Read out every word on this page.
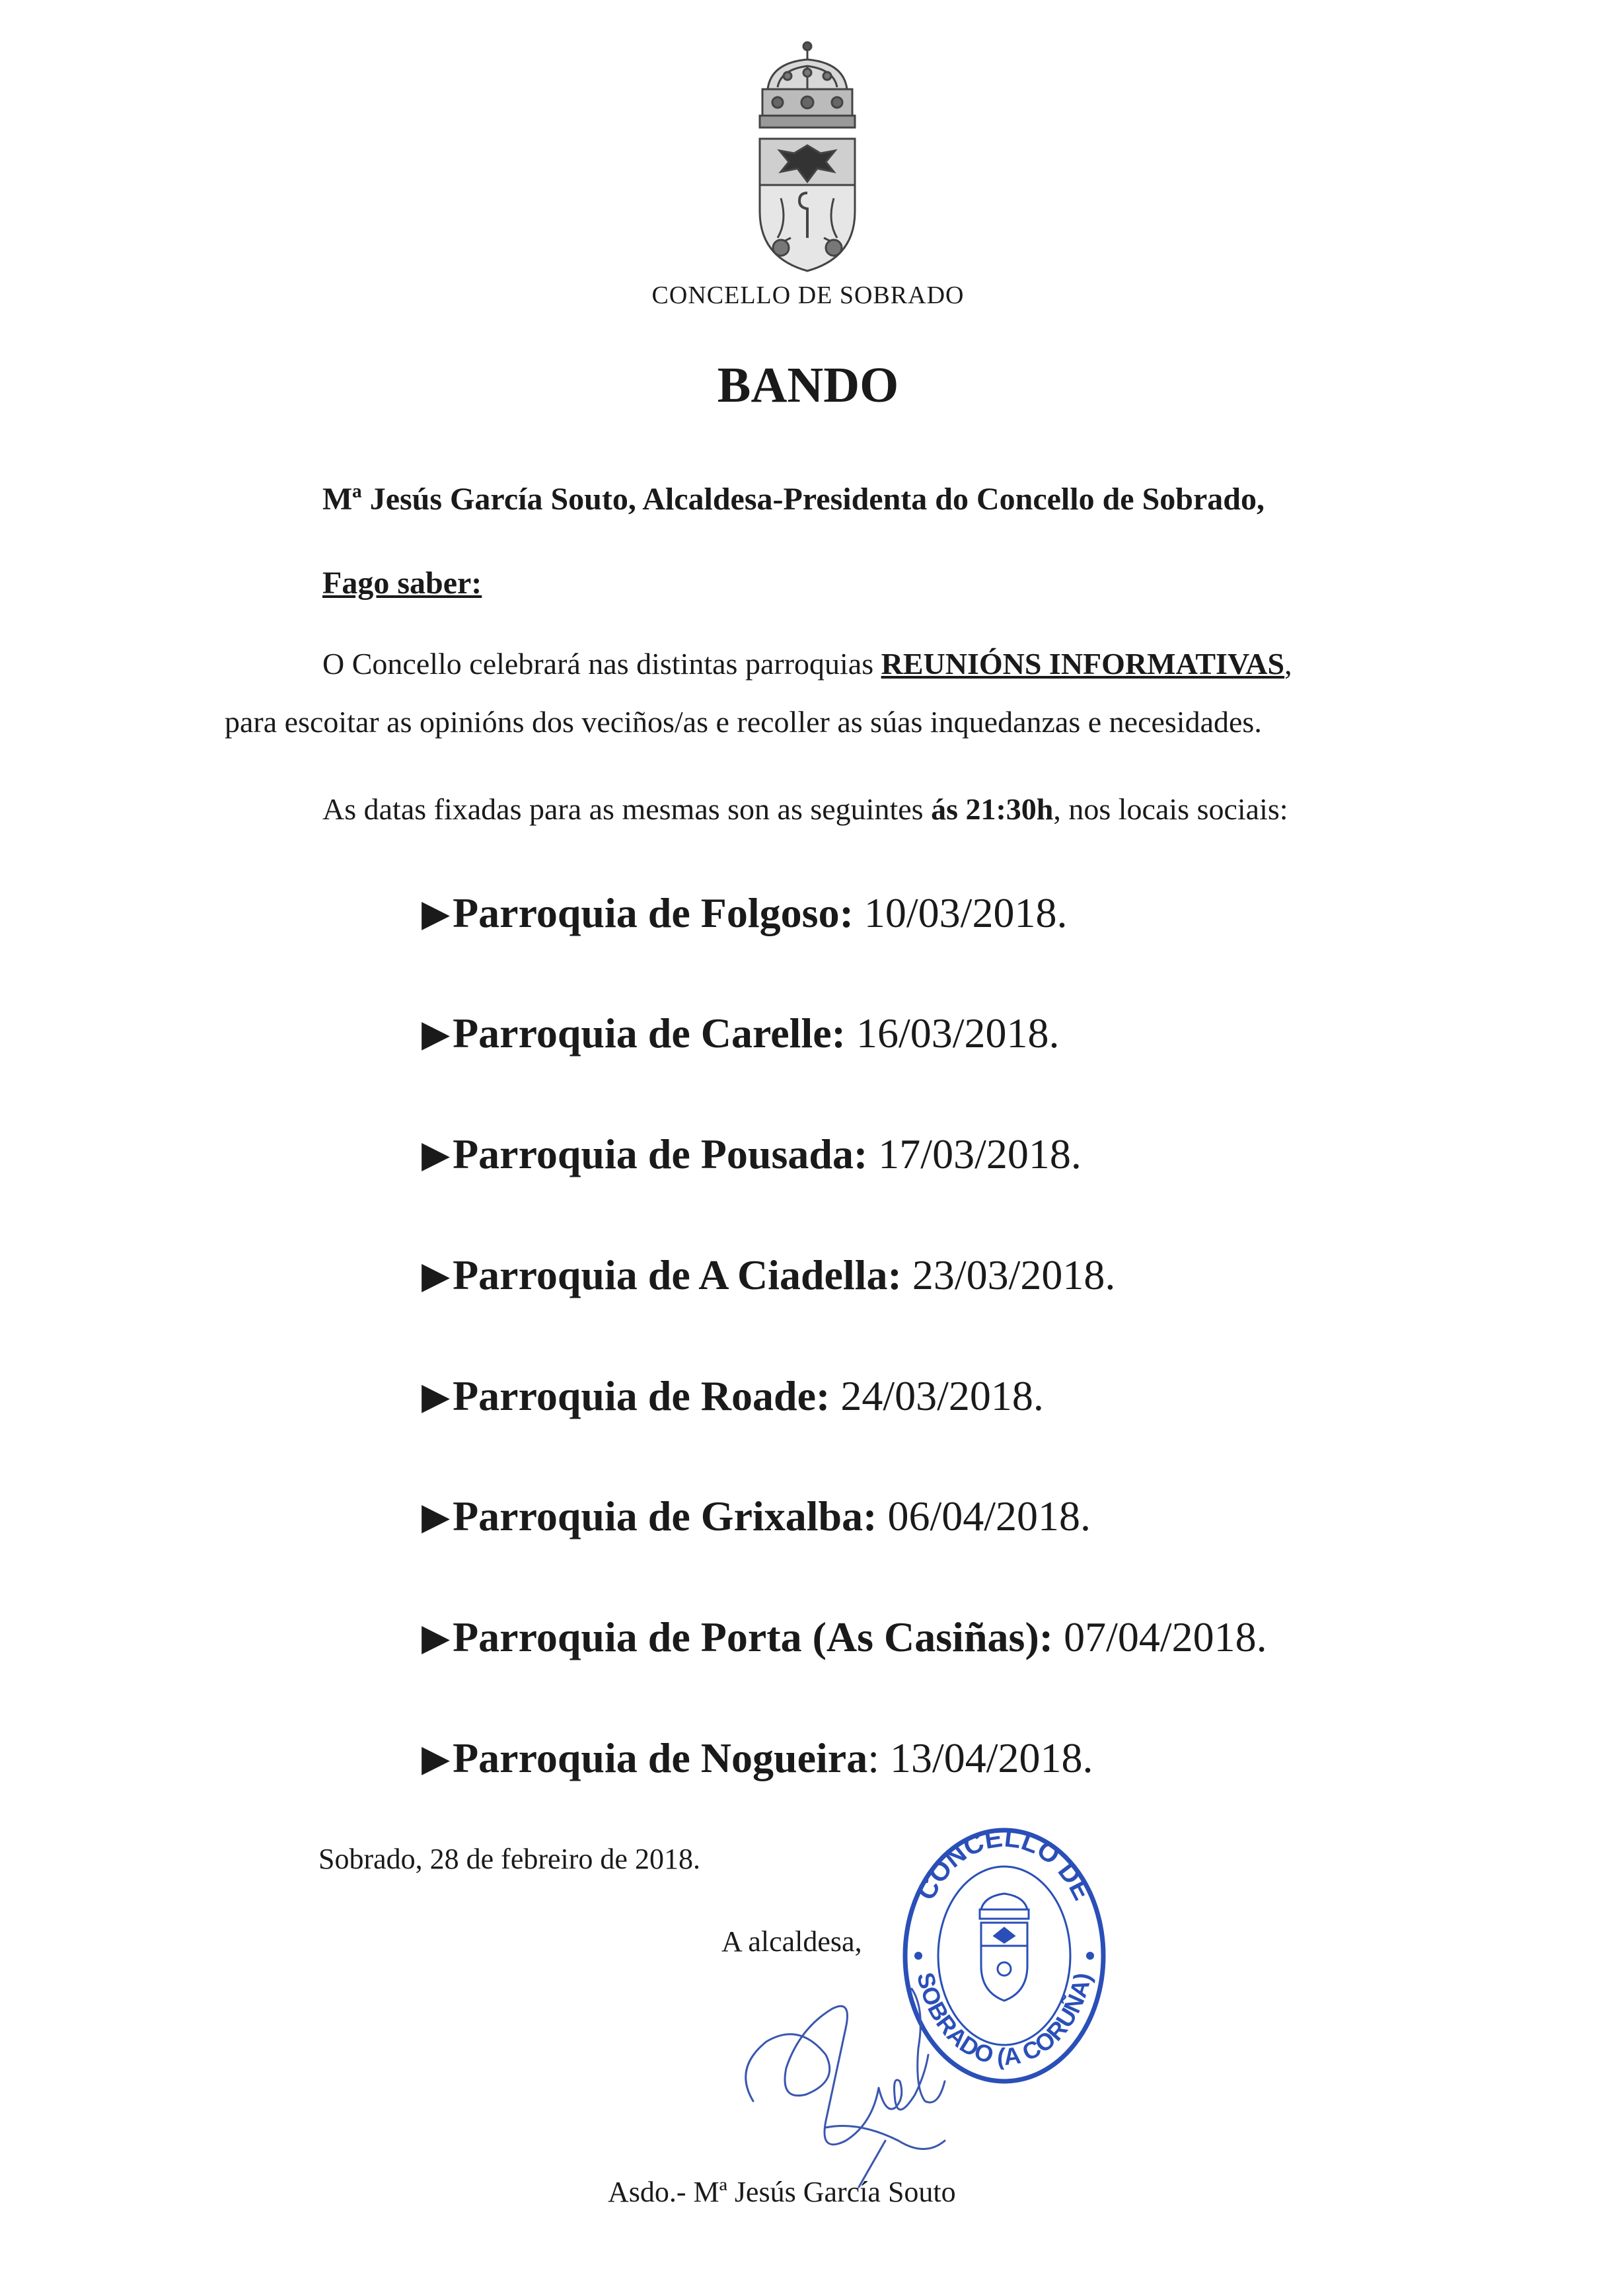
CONCELLO DE SOBRADO
BANDO
Mª Jesús García Souto, Alcaldesa-Presidenta do Concello de Sobrado,
Fago saber:
O Concello celebrará nas distintas parroquias REUNIÓNS INFORMATIVAS,
para escoitar as opinións dos veciños/as e recoller as súas inquedanzas e necesidades.
As datas fixadas para as mesmas son as seguintes ás 21:30h, nos locais sociais:
▶Parroquia de Folgoso: 10/03/2018.
▶Parroquia de Carelle: 16/03/2018.
▶Parroquia de Pousada: 17/03/2018.
▶Parroquia de A Ciadella: 23/03/2018.
▶Parroquia de Roade: 24/03/2018.
▶Parroquia de Grixalba: 06/04/2018.
▶Parroquia de Porta (As Casiñas): 07/04/2018.
▶Parroquia de Nogueira: 13/04/2018.
Sobrado, 28 de febreiro de 2018.
A alcaldesa,
CONCELLO DE
SOBRADO (A CORUÑA)
Asdo.- Mª Jesús García Souto
